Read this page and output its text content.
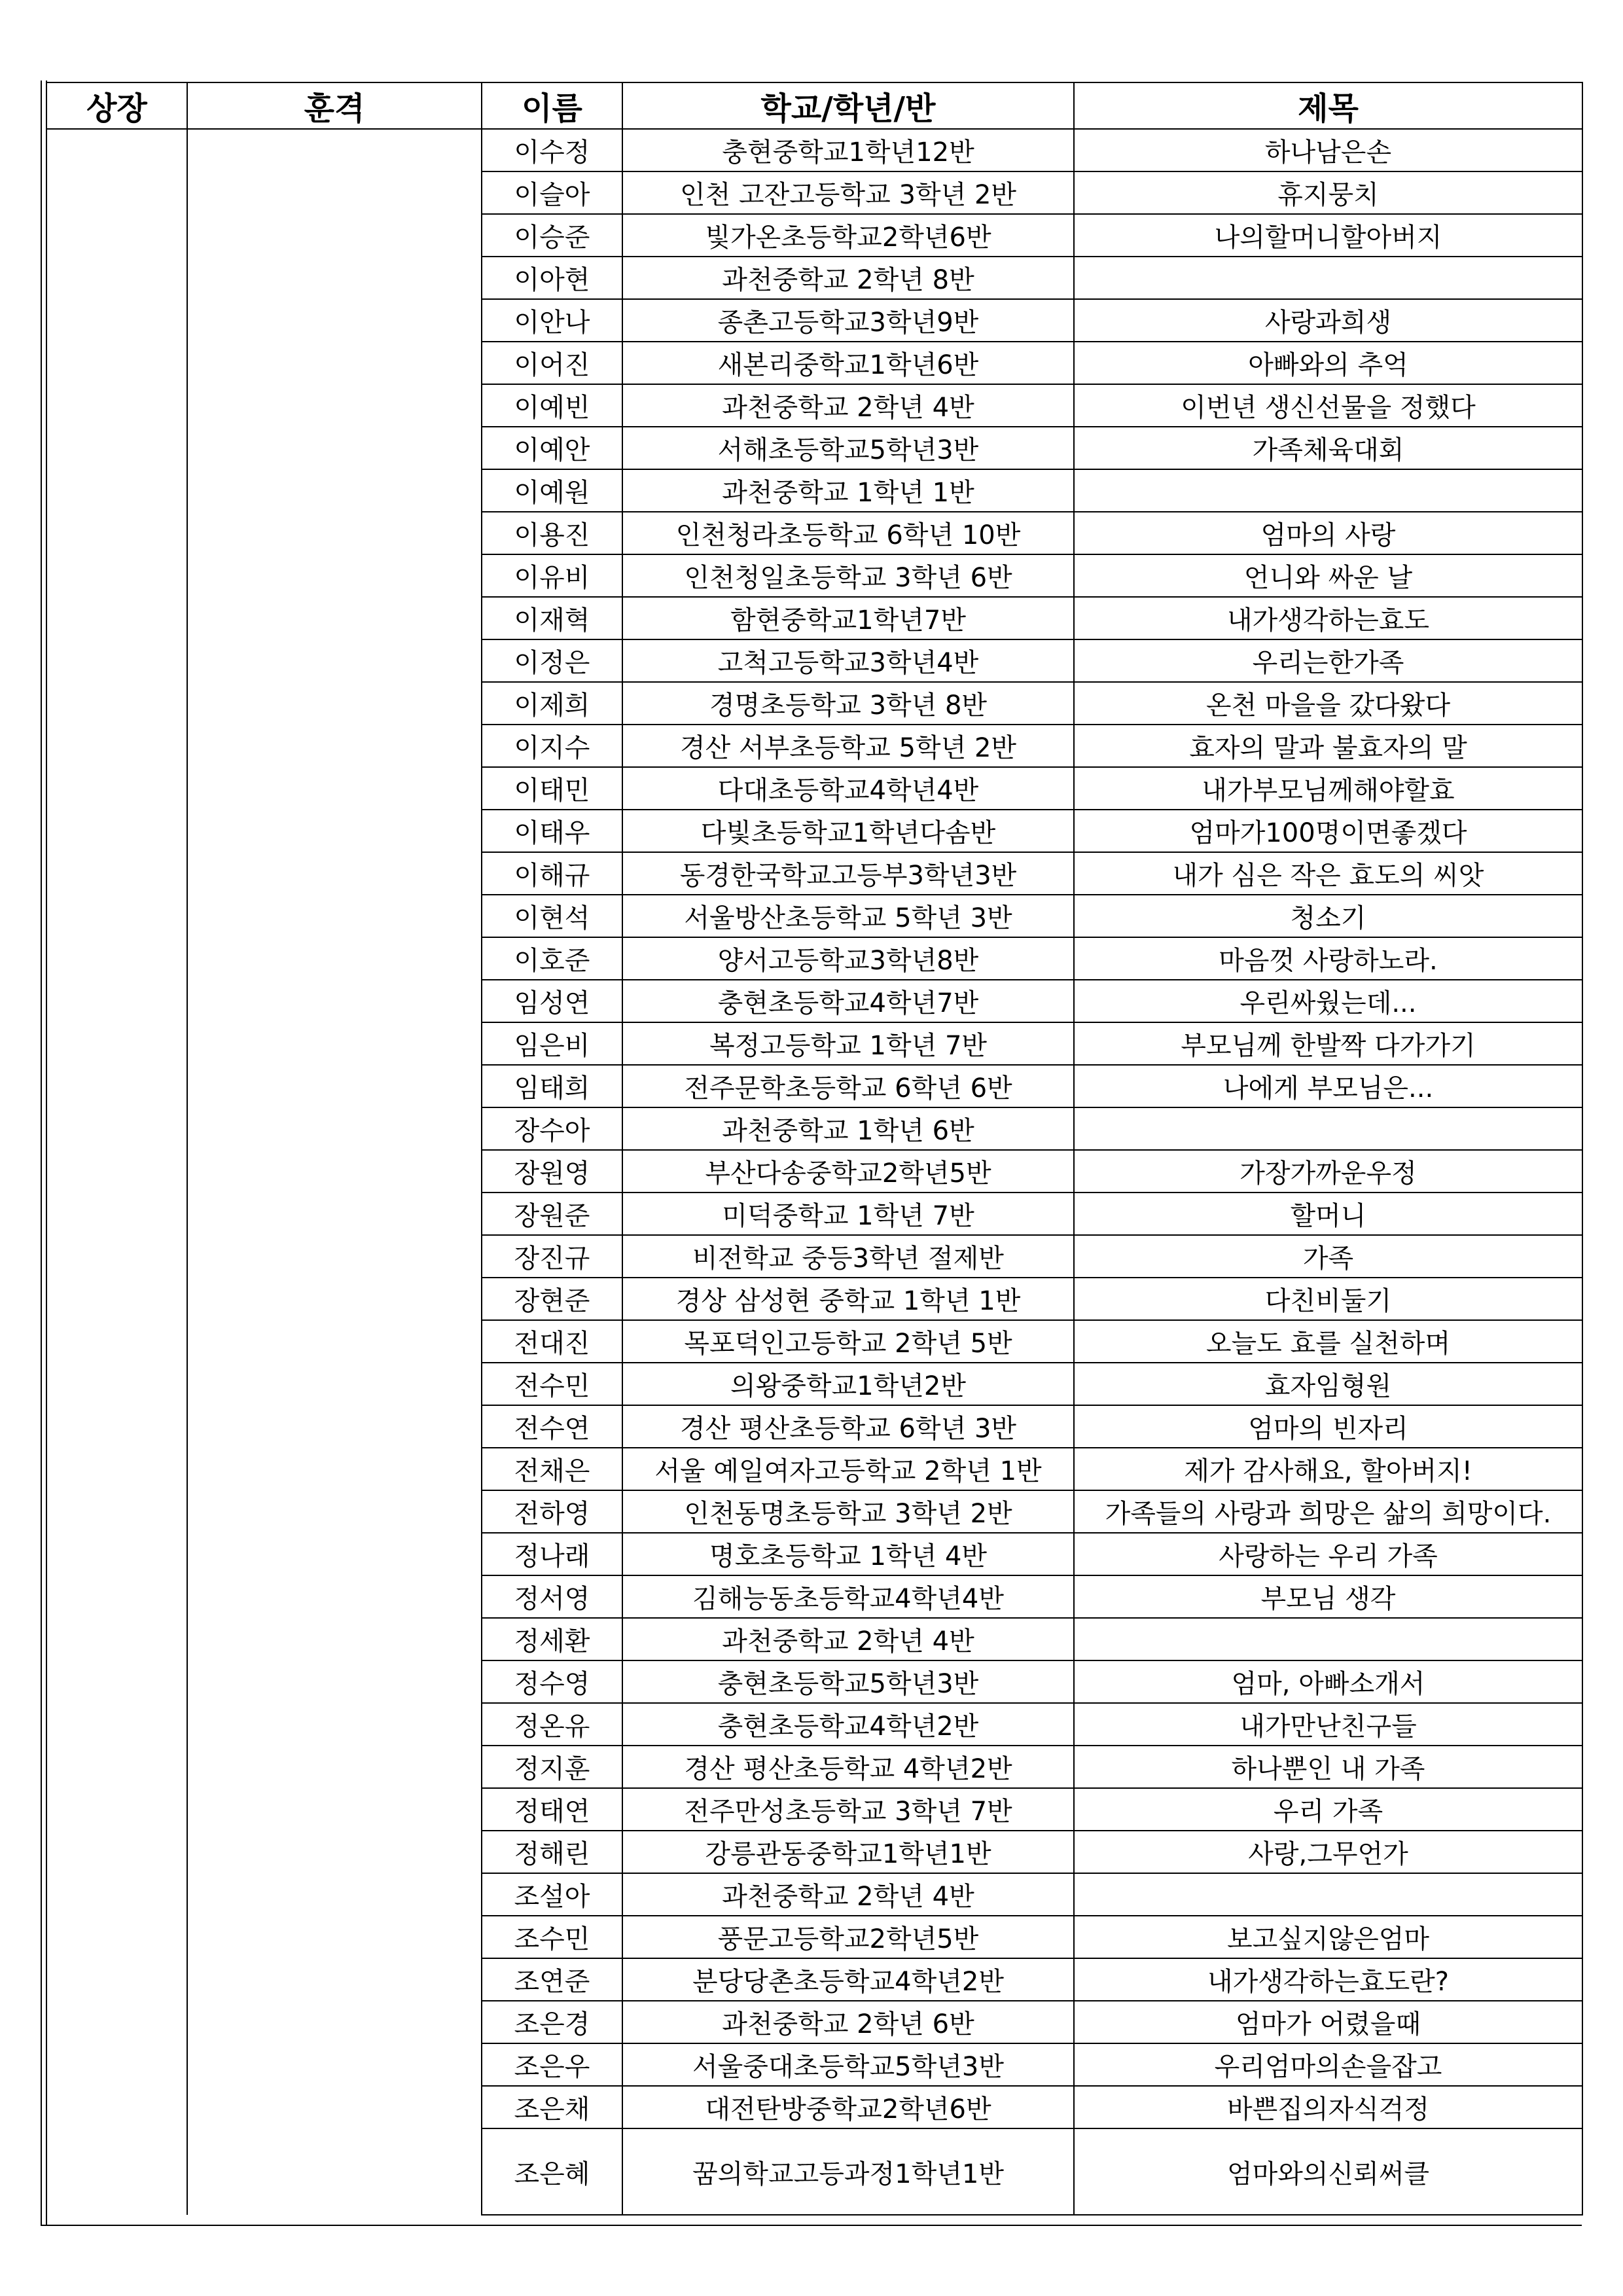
상장	훈격	이름	학교/학년/반	제목
		이수정	충현중학교1학년12반	하나남은손
		이슬아	인천 고잔고등학교 3학년 2반	휴지뭉치
		이승준	빛가온초등학교2학년6반	나의할머니할아버지
		이아현	과천중학교 2학년 8반	
		이안나	종촌고등학교3학년9반	사랑과희생
		이어진	새본리중학교1학년6반	아빠와의 추억
		이예빈	과천중학교 2학년 4반	이번년 생신선물을 정했다
		이예안	서해초등학교5학년3반	가족체육대회
		이예원	과천중학교 1학년 1반	
		이용진	인천청라초등학교 6학년 10반	엄마의 사랑
		이유비	인천청일초등학교 3학년 6반	언니와 싸운 날
		이재혁	함현중학교1학년7반	내가생각하는효도
		이정은	고척고등학교3학년4반	우리는한가족
		이제희	경명초등학교 3학년 8반	온천 마을을 갔다왔다
		이지수	경산 서부초등학교 5학년 2반	효자의 말과 불효자의 말
		이태민	다대초등학교4학년4반	내가부모님께해야할효
		이태우	다빛초등학교1학년다솜반	엄마가100명이면좋겠다
		이해규	동경한국학교고등부3학년3반	내가 심은 작은 효도의 씨앗
		이현석	서울방산초등학교 5학년 3반	청소기
		이호준	양서고등학교3학년8반	마음껏 사랑하노라.
		임성연	충현초등학교4학년7반	우린싸웠는데...
		임은비	복정고등학교 1학년 7반	부모님께 한발짝 다가가기
		임태희	전주문학초등학교 6학년 6반	나에게 부모님은...
		장수아	과천중학교 1학년 6반	
		장원영	부산다송중학교2학년5반	가장가까운우정
		장원준	미덕중학교 1학년 7반	할머니
		장진규	비전학교 중등3학년 절제반	가족
		장현준	경상 삼성현 중학교 1학년 1반	다친비둘기
		전대진	목포덕인고등학교 2학년 5반	오늘도 효를 실천하며
		전수민	의왕중학교1학년2반	효자임형원
		전수연	경산 평산초등학교 6학년 3반	엄마의 빈자리
		전채은	서울 예일여자고등학교 2학년 1반	제가 감사해요, 할아버지!
		전하영	인천동명초등학교 3학년 2반	가족들의 사랑과 희망은 삶의 희망이다.
		정나래	명호초등학교 1학년 4반	사랑하는 우리 가족
		정서영	김해능동초등학교4학년4반	부모님 생각
		정세환	과천중학교 2학년 4반	
		정수영	충현초등학교5학년3반	엄마, 아빠소개서
		정온유	충현초등학교4학년2반	내가만난친구들
		정지훈	경산 평산초등학교 4학년2반	하나뿐인 내 가족
		정태연	전주만성초등학교 3학년 7반	우리 가족
		정해린	강릉관동중학교1학년1반	사랑,그무언가
		조설아	과천중학교 2학년 4반	
		조수민	풍문고등학교2학년5반	보고싶지않은엄마
		조연준	분당당촌초등학교4학년2반	내가생각하는효도란?
		조은경	과천중학교 2학년 6반	엄마가 어렸을때
		조은우	서울중대초등학교5학년3반	우리엄마의손을잡고
		조은채	대전탄방중학교2학년6반	바쁜집의자식걱정
		조은혜	꿈의학교고등과정1학년1반	엄마와의신뢰써클
